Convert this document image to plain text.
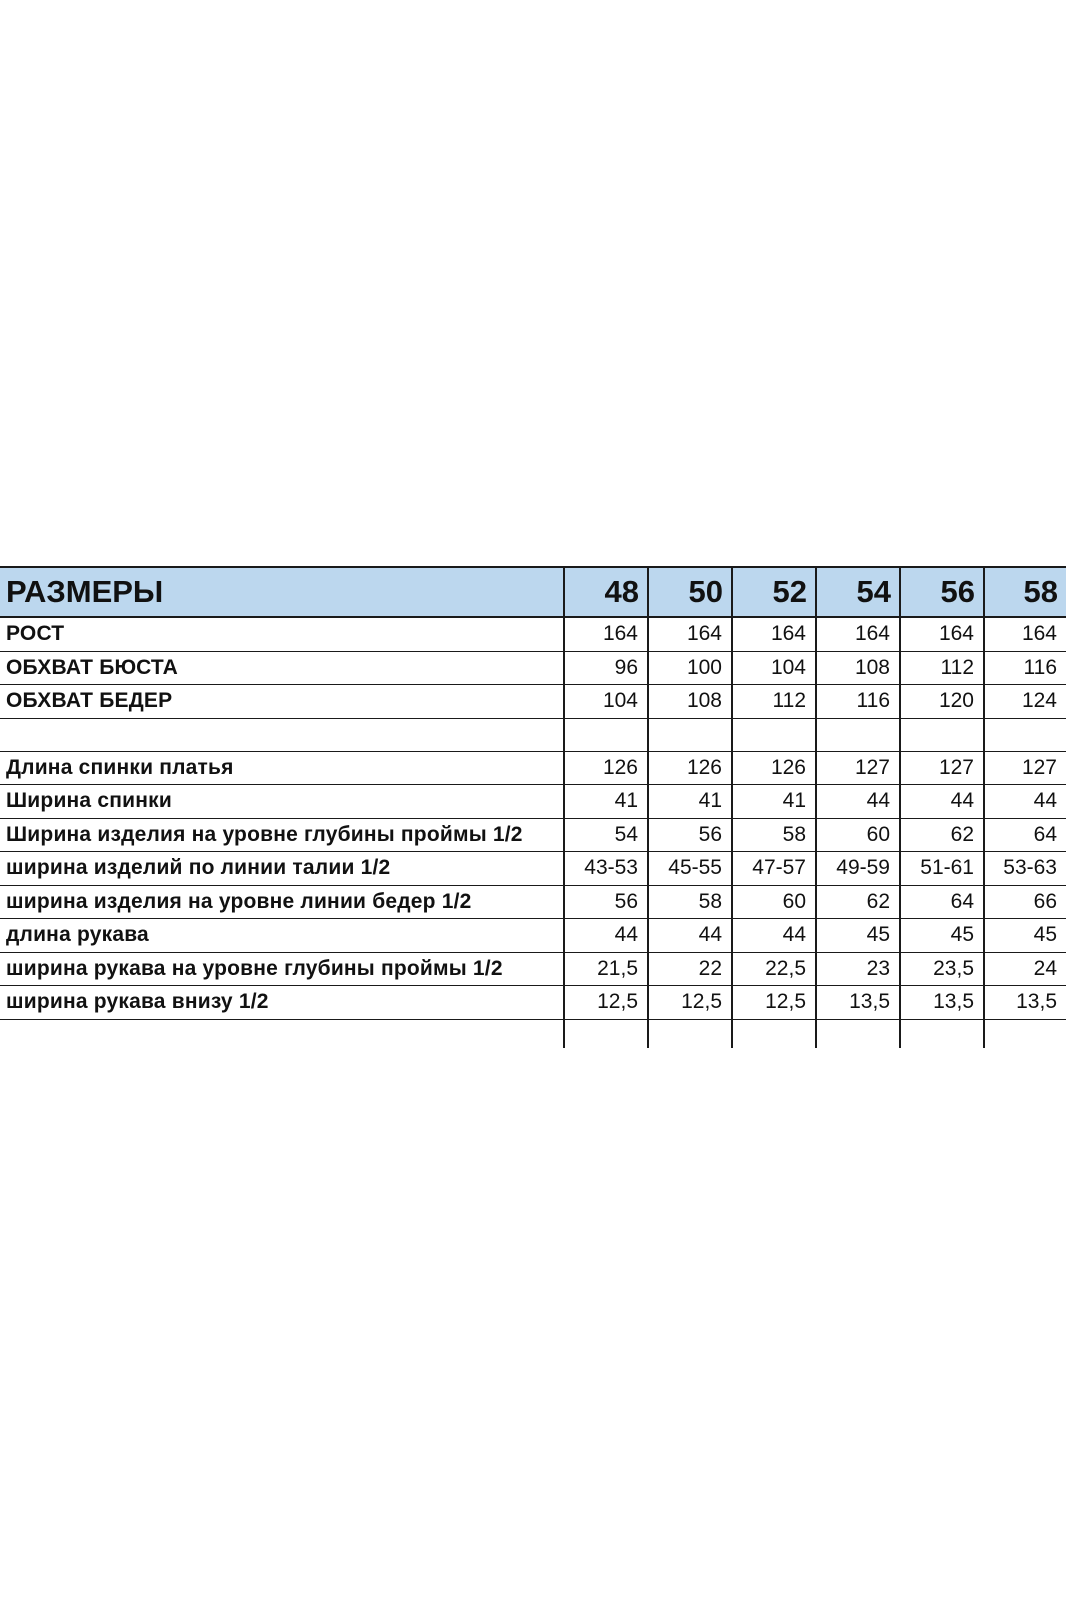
РАЗМЕРЫ	48	50	52	54	56	58
РОСТ	164	164	164	164	164	164
ОБХВАТ БЮСТА	96	100	104	108	112	116
ОБХВАТ БЕДЕР	104	108	112	116	120	124

Длина спинки платья	126	126	126	127	127	127
Ширина спинки	41	41	41	44	44	44
Ширина изделия на уровне глубины проймы 1/2	54	56	58	60	62	64
ширина изделий по линии талии 1/2	43-53	45-55	47-57	49-59	51-61	53-63
ширина изделия на уровне линии бедер 1/2	56	58	60	62	64	66
длина рукава	44	44	44	45	45	45
ширина рукава на уровне глубины проймы 1/2	21,5	22	22,5	23	23,5	24
ширина рукава внизу 1/2	12,5	12,5	12,5	13,5	13,5	13,5
